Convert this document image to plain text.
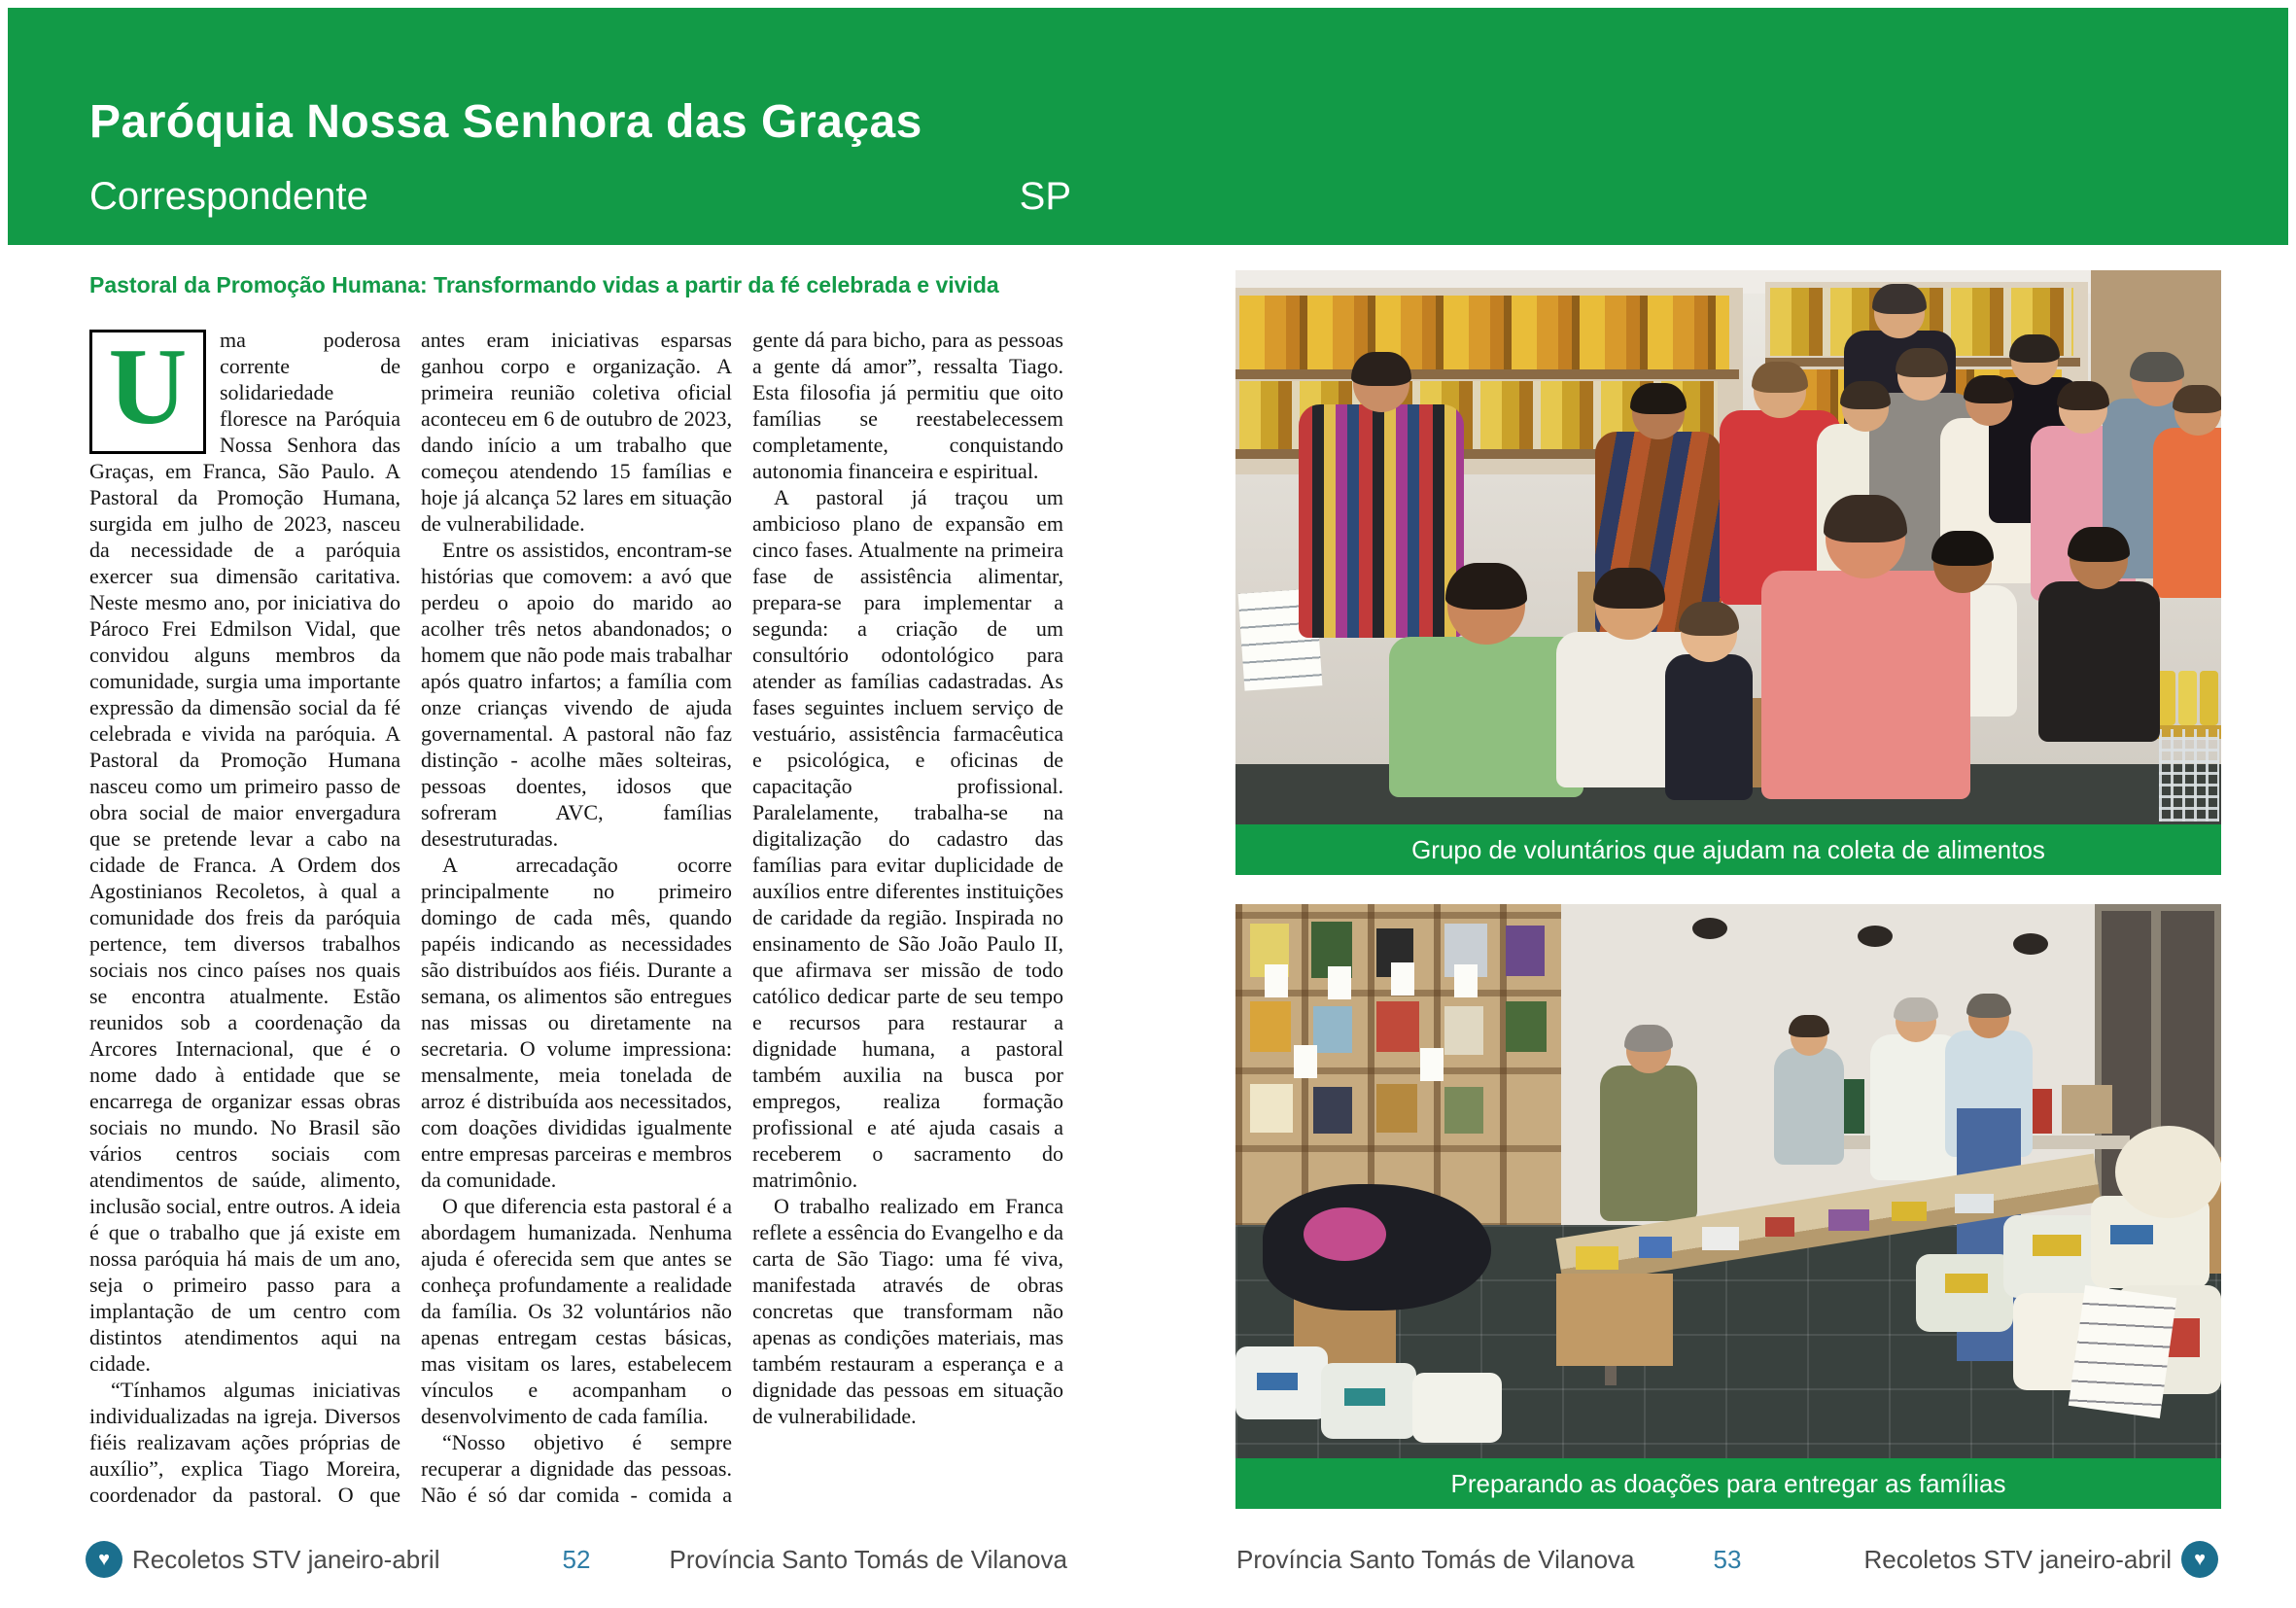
Paróquia Nossa Senhora das Graças
Correspondente	SP
Pastoral da Promoção Humana: Transformando vidas a partir da fé celebrada e vivida
U	ma poderosa corrente de solidariedade floresce na Paróquia Nossa Senhora das Graças, em Franca, São Paulo. A Pastoral da Promoção Humana, surgida em julho de 2023, nasceu da necessidade de a paróquia exercer sua dimensão caritativa. Neste mesmo ano, por iniciativa do Pároco Frei Edmilson Vidal, que convidou alguns membros da comunidade, surgia uma importante expressão da dimensão social da fé celebrada e vivida na paróquia. A Pastoral da Promoção Humana nasceu como um primeiro passo de obra social de maior envergadura que se pretende levar a cabo na cidade de Franca. A Ordem dos Agostinianos Recoletos, à qual a comunidade dos freis da paróquia pertence, tem diversos trabalhos sociais nos cinco países nos quais se encontra atualmente. Estão reunidos sob a coordenação da Arcores Internacional, que é o nome dado à entidade que se encarrega de organizar essas obras sociais no mundo. No Brasil são vários centros sociais com atendimentos de saúde, alimento, inclusão social, entre outros. A ideia é que o trabalho que já existe em nossa paróquia há mais de um ano, seja o primeiro passo para a implantação de um centro com distintos atendimentos aqui na cidade.

“Tínhamos algumas iniciativas individualizadas na igreja. Diversos fiéis realizavam ações próprias de auxílio”, explica Tiago Moreira, coordenador da pastoral. O que antes eram iniciativas esparsas ganhou corpo e organização. A primeira reunião coletiva oficial aconteceu em 6 de outubro de 2023, dando início a um trabalho que começou atendendo 15 famílias e hoje já alcança 52 lares em situação de vulnerabilidade.

Entre os assistidos, encontram-se histórias que comovem: a avó que perdeu o apoio do marido ao acolher três netos abandonados; o homem que não pode mais trabalhar após quatro infartos; a família com onze crianças vivendo de ajuda governamental. A pastoral não faz distinção - acolhe mães solteiras, pessoas doentes, idosos que sofreram AVC, famílias desestruturadas.

A arrecadação ocorre principalmente no primeiro domingo de cada mês, quando papéis indicando as necessidades são distribuídos aos fiéis. Durante a semana, os alimentos são entregues nas missas ou diretamente na secretaria. O volume impressiona: mensalmente, meia tonelada de arroz é distribuída aos necessitados, com doações divididas igualmente entre empresas parceiras e membros da comunidade.

O que diferencia esta pastoral é a abordagem humanizada. Nenhuma ajuda é oferecida sem que antes se conheça profundamente a realidade da família. Os 32 voluntários não apenas entregam cestas básicas, mas visitam os lares, estabelecem vínculos e acompanham o desenvolvimento de cada família.

“Nosso objetivo é sempre recuperar a dignidade das pessoas. Não é só dar comida - comida a gente dá para bicho, para as pessoas a gente dá amor”, ressalta Tiago. Esta filosofia já permitiu que oito famílias se reestabelecessem completamente, conquistando autonomia financeira e espiritual.

A pastoral já traçou um ambicioso plano de expansão em cinco fases. Atualmente na primeira fase de assistência alimentar, prepara-se para implementar a segunda: a criação de um consultório odontológico para atender as famílias cadastradas. As fases seguintes incluem serviço de vestuário, assistência farmacêutica e psicológica, e oficinas de capacitação profissional. Paralelamente, trabalha-se na digitalização do cadastro das famílias para evitar duplicidade de auxílios entre diferentes instituições de caridade da região. Inspirada no ensinamento de São João Paulo II, que afirmava ser missão de todo católico dedicar parte de seu tempo e recursos para restaurar a dignidade humana, a pastoral também auxilia na busca por empregos, realiza formação profissional e até ajuda casais a receberem o sacramento do matrimônio.

O trabalho realizado em Franca reflete a essência do Evangelho e da carta de São Tiago: uma fé viva, manifestada através de obras concretas que transformam não apenas as condições materiais, mas também restauram a esperança e a dignidade das pessoas em situação de vulnerabilidade.

Grupo de voluntários que ajudam na coleta de alimentos
Preparando as doações para entregar as famílias
♥ Recoletos STV janeiro-abril	52	Província Santo Tomás de Vilanova	Província Santo Tomás de Vilanova	53	Recoletos STV janeiro-abril	♥
